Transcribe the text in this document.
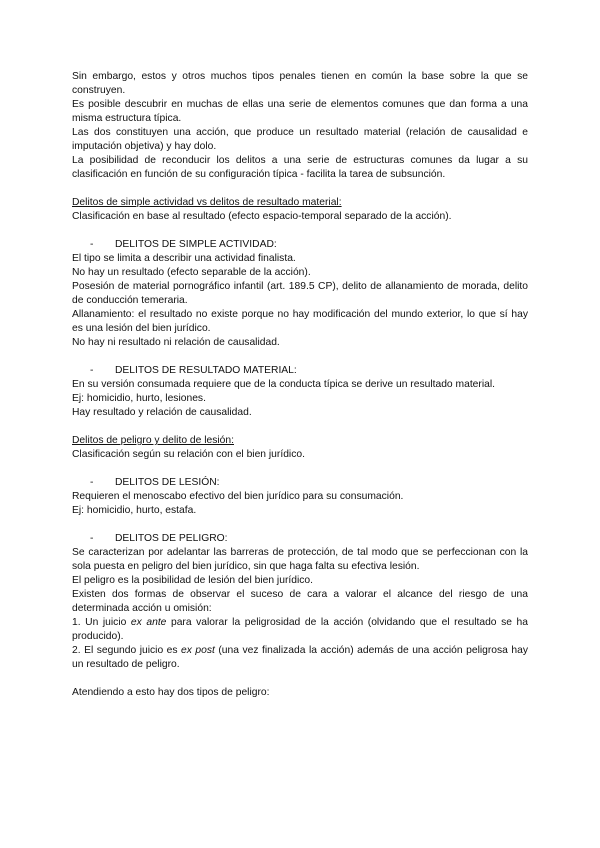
Sin embargo, estos y otros muchos tipos penales tienen en común la base sobre la que se construyen.

Es posible descubrir en muchas de ellas una serie de elementos comunes que dan forma a una misma estructura típica.

Las dos constituyen una acción, que produce un resultado material (relación de causalidad e imputación objetiva) y hay dolo.

La posibilidad de reconducir los delitos a una serie de estructuras comunes da lugar a su clasificación en función de su configuración típica - facilita la tarea de subsunción.

Delitos de simple actividad vs delitos de resultado material:

Clasificación en base al resultado (efecto espacio-temporal separado de la acción).

- DELITOS DE SIMPLE ACTIVIDAD:

El tipo se limita a describir una actividad finalista.

No hay un resultado (efecto separable de la acción).

Posesión de material pornográfico infantil (art. 189.5 CP), delito de allanamiento de morada, delito de conducción temeraria.

Allanamiento: el resultado no existe porque no hay modificación del mundo exterior, lo que sí hay es una lesión del bien jurídico.

No hay ni resultado ni relación de causalidad.

- DELITOS DE RESULTADO MATERIAL:

En su versión consumada requiere que de la conducta típica se derive un resultado material.

Ej: homicidio, hurto, lesiones.

Hay resultado y relación de causalidad.

Delitos de peligro y delito de lesión:

Clasificación según su relación con el bien jurídico.

- DELITOS DE LESIÓN:

Requieren el menoscabo efectivo del bien jurídico para su consumación.

Ej: homicidio, hurto, estafa.

- DELITOS DE PELIGRO:

Se caracterizan por adelantar las barreras de protección, de tal modo que se perfeccionan con la sola puesta en peligro del bien jurídico, sin que haga falta su efectiva lesión.

El peligro es la posibilidad de lesión del bien jurídico.

Existen dos formas de observar el suceso de cara a valorar el alcance del riesgo de una determinada acción u omisión:

1. Un juicio ex ante para valorar la peligrosidad de la acción (olvidando que el resultado se ha producido).

2. El segundo juicio es ex post (una vez finalizada la acción) además de una acción peligrosa hay un resultado de peligro.

Atendiendo a esto hay dos tipos de peligro:
